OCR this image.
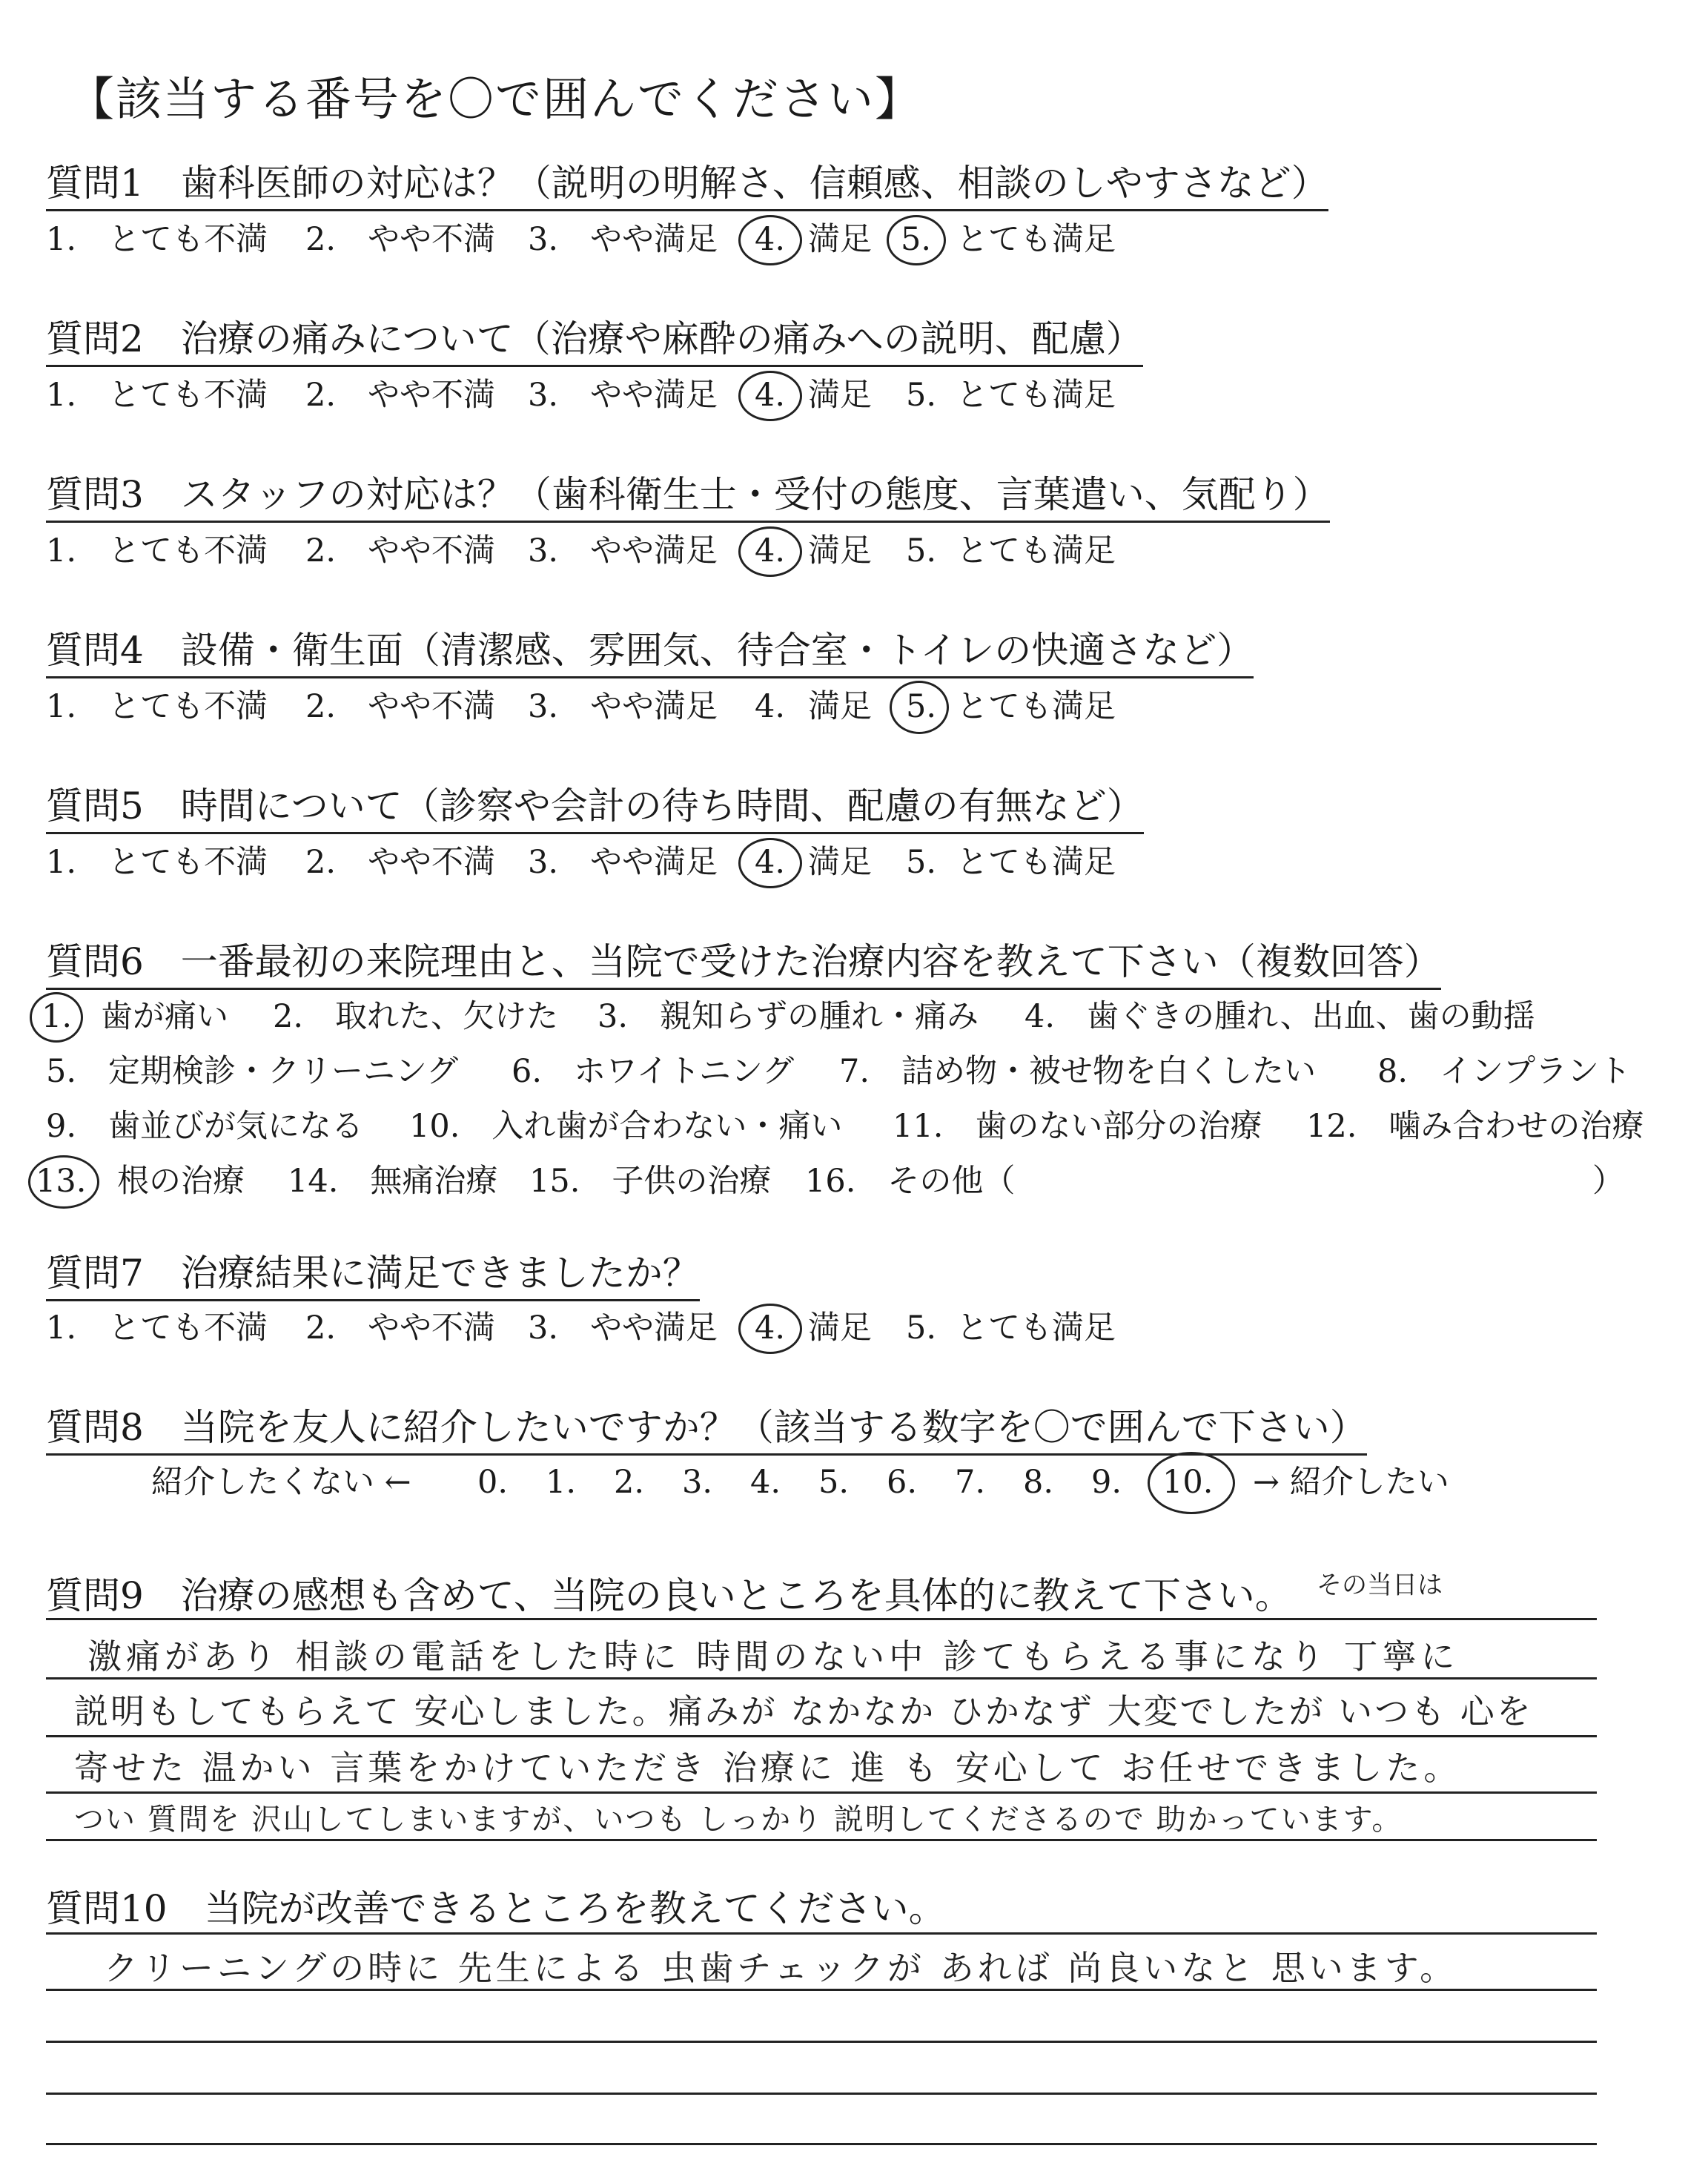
【該当する番号を〇で囲んでください】
質問1　歯科医師の対応は？（説明の明解さ、信頼感、相談のしやすさなど）
1.　とても不満 2.　やや不満 3.　やや満足 4. 満足 5. とても満足
質問2　治療の痛みについて（治療や麻酔の痛みへの説明、配慮）
1.　とても不満 2.　やや不満 3.　やや満足 4. 満足 5. とても満足
質問3　スタッフの対応は？（歯科衛生士・受付の態度、言葉遣い、気配り）
1.　とても不満 2.　やや不満 3.　やや満足 4. 満足 5. とても満足
質問4　設備・衛生面（清潔感、雰囲気、待合室・トイレの快適さなど）
1.　とても不満 2.　やや不満 3.　やや満足 4. 満足 5. とても満足
質問5　時間について（診察や会計の待ち時間、配慮の有無など）
1.　とても不満 2.　やや不満 3.　やや満足 4. 満足 5. とても満足
質問6　一番最初の来院理由と、当院で受けた治療内容を教えて下さい（複数回答）
1. 歯が痛い 2.　取れた、欠けた 3.　親知らずの腫れ・痛み 4.　歯ぐきの腫れ、出血、歯の動揺
5.　定期検診・クリーニング 6.　ホワイトニング 7.　詰め物・被せ物を白くしたい 8.　インプラント
9.　歯並びが気になる 10.　入れ歯が合わない・痛い 11.　歯のない部分の治療 12.　噛み合わせの治療
13. 根の治療 14.　無痛治療 15.　子供の治療 16.　その他（	）
質問7　治療結果に満足できましたか？
1.　とても不満 2.　やや不満 3.　やや満足 4. 満足 5. とても満足
質問8　当院を友人に紹介したいですか？（該当する数字を〇で囲んで下さい）
紹介したくない ← 0. 1. 2. 3. 4. 5. 6. 7. 8. 9. 10. → 紹介したい
質問9　治療の感想も含めて、当院の良いところを具体的に教えて下さい。 その当日は
激痛があり 相談の電話をした時に 時間のない中 診てもらえる事になり 丁寧に
説明もしてもらえて 安心しました。痛みが なかなか ひかなず 大変でしたが いつも 心を
寄せた 温かい 言葉をかけていただき 治療に 進 も 安心して お任せできました。
つい 質問を 沢山してしまいますが、いつも しっかり 説明してくださるので 助かっています。
質問10　当院が改善できるところを教えてください。
クリーニングの時に 先生による 虫歯チェックが あれば 尚良いなと 思います。
